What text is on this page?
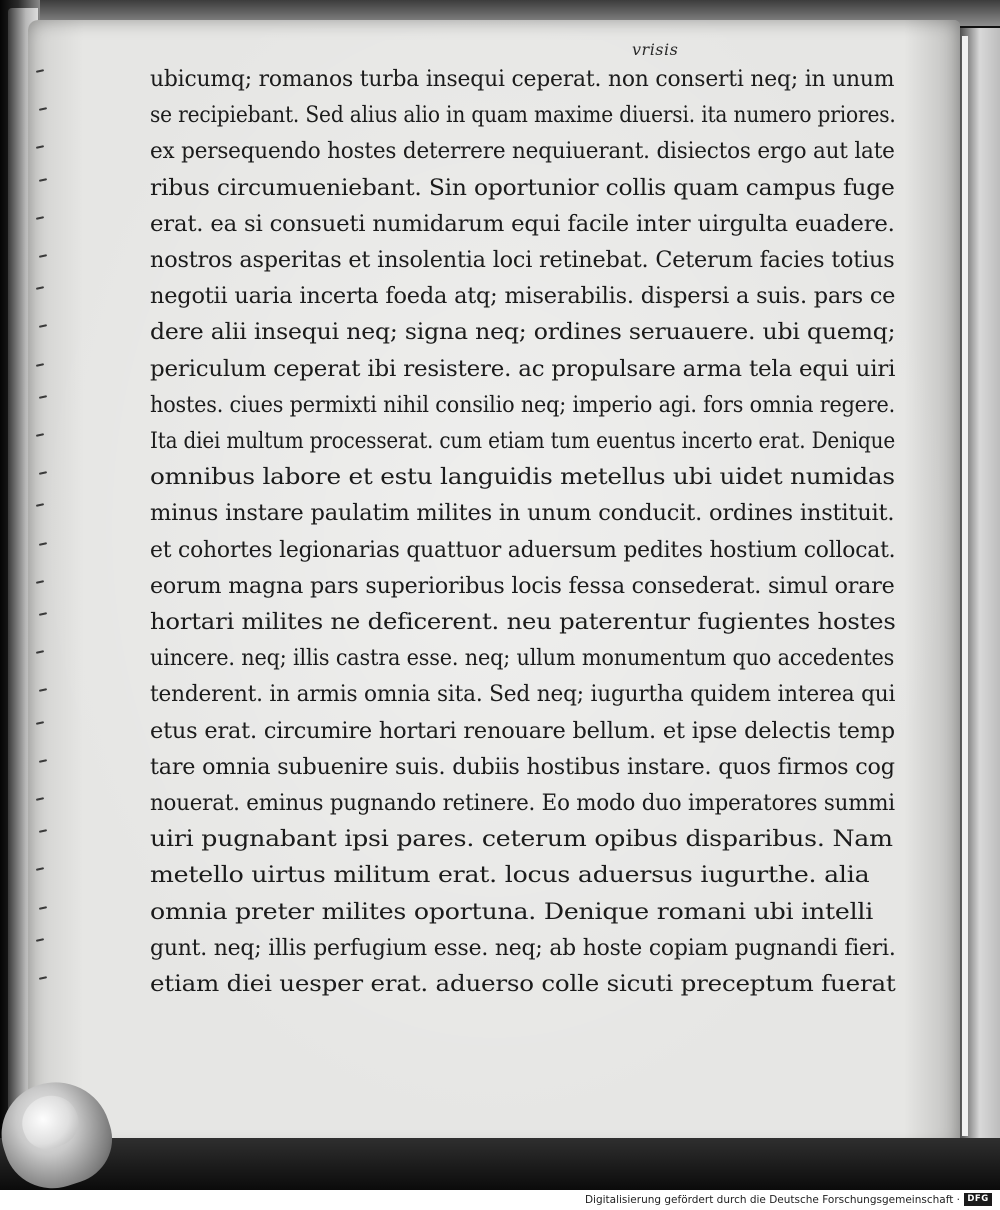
vrisis
ubicumq; romanos turba insequi ceperat. non conserti neq; in unum
se recipiebant. Sed alius alio in quam maxime diuersi. ita numero priores.
ex persequendo hostes deterrere nequiuerant. disiectos ergo aut late
ribus circumueniebant. Sin oportunior collis quam campus fuge
erat. ea si consueti numidarum equi facile inter uirgulta euadere.
nostros asperitas et insolentia loci retinebat. Ceterum facies totius
negotii uaria incerta foeda atq; miserabilis. dispersi a suis. pars ce
dere alii insequi neq; signa neq; ordines seruauere. ubi quemq;
periculum ceperat ibi resistere. ac propulsare arma tela equi uiri
hostes. ciues permixti nihil consilio neq; imperio agi. fors omnia regere.
Ita diei multum processerat. cum etiam tum euentus incerto erat. Denique
omnibus labore et estu languidis metellus ubi uidet numidas
minus instare paulatim milites in unum conducit. ordines instituit.
et cohortes legionarias quattuor aduersum pedites hostium collocat.
eorum magna pars superioribus locis fessa consederat. simul orare
hortari milites ne deficerent. neu paterentur fugientes hostes
uincere. neq; illis castra esse. neq; ullum monumentum quo accedentes
tenderent. in armis omnia sita. Sed neq; iugurtha quidem interea qui
etus erat. circumire hortari renouare bellum. et ipse delectis temp
tare omnia subuenire suis. dubiis hostibus instare. quos firmos cog
nouerat. eminus pugnando retinere. Eo modo duo imperatores summi
uiri pugnabant ipsi pares. ceterum opibus disparibus. Nam
metello uirtus militum erat. locus aduersus iugurthe. alia
omnia preter milites oportuna. Denique romani ubi intelli
gunt. neq; illis perfugium esse. neq; ab hoste copiam pugnandi fieri.
etiam diei uesper erat. aduerso colle sicuti preceptum fuerat
Digitalisierung gefördert durch die Deutsche Forschungsgemeinschaft · DFG
